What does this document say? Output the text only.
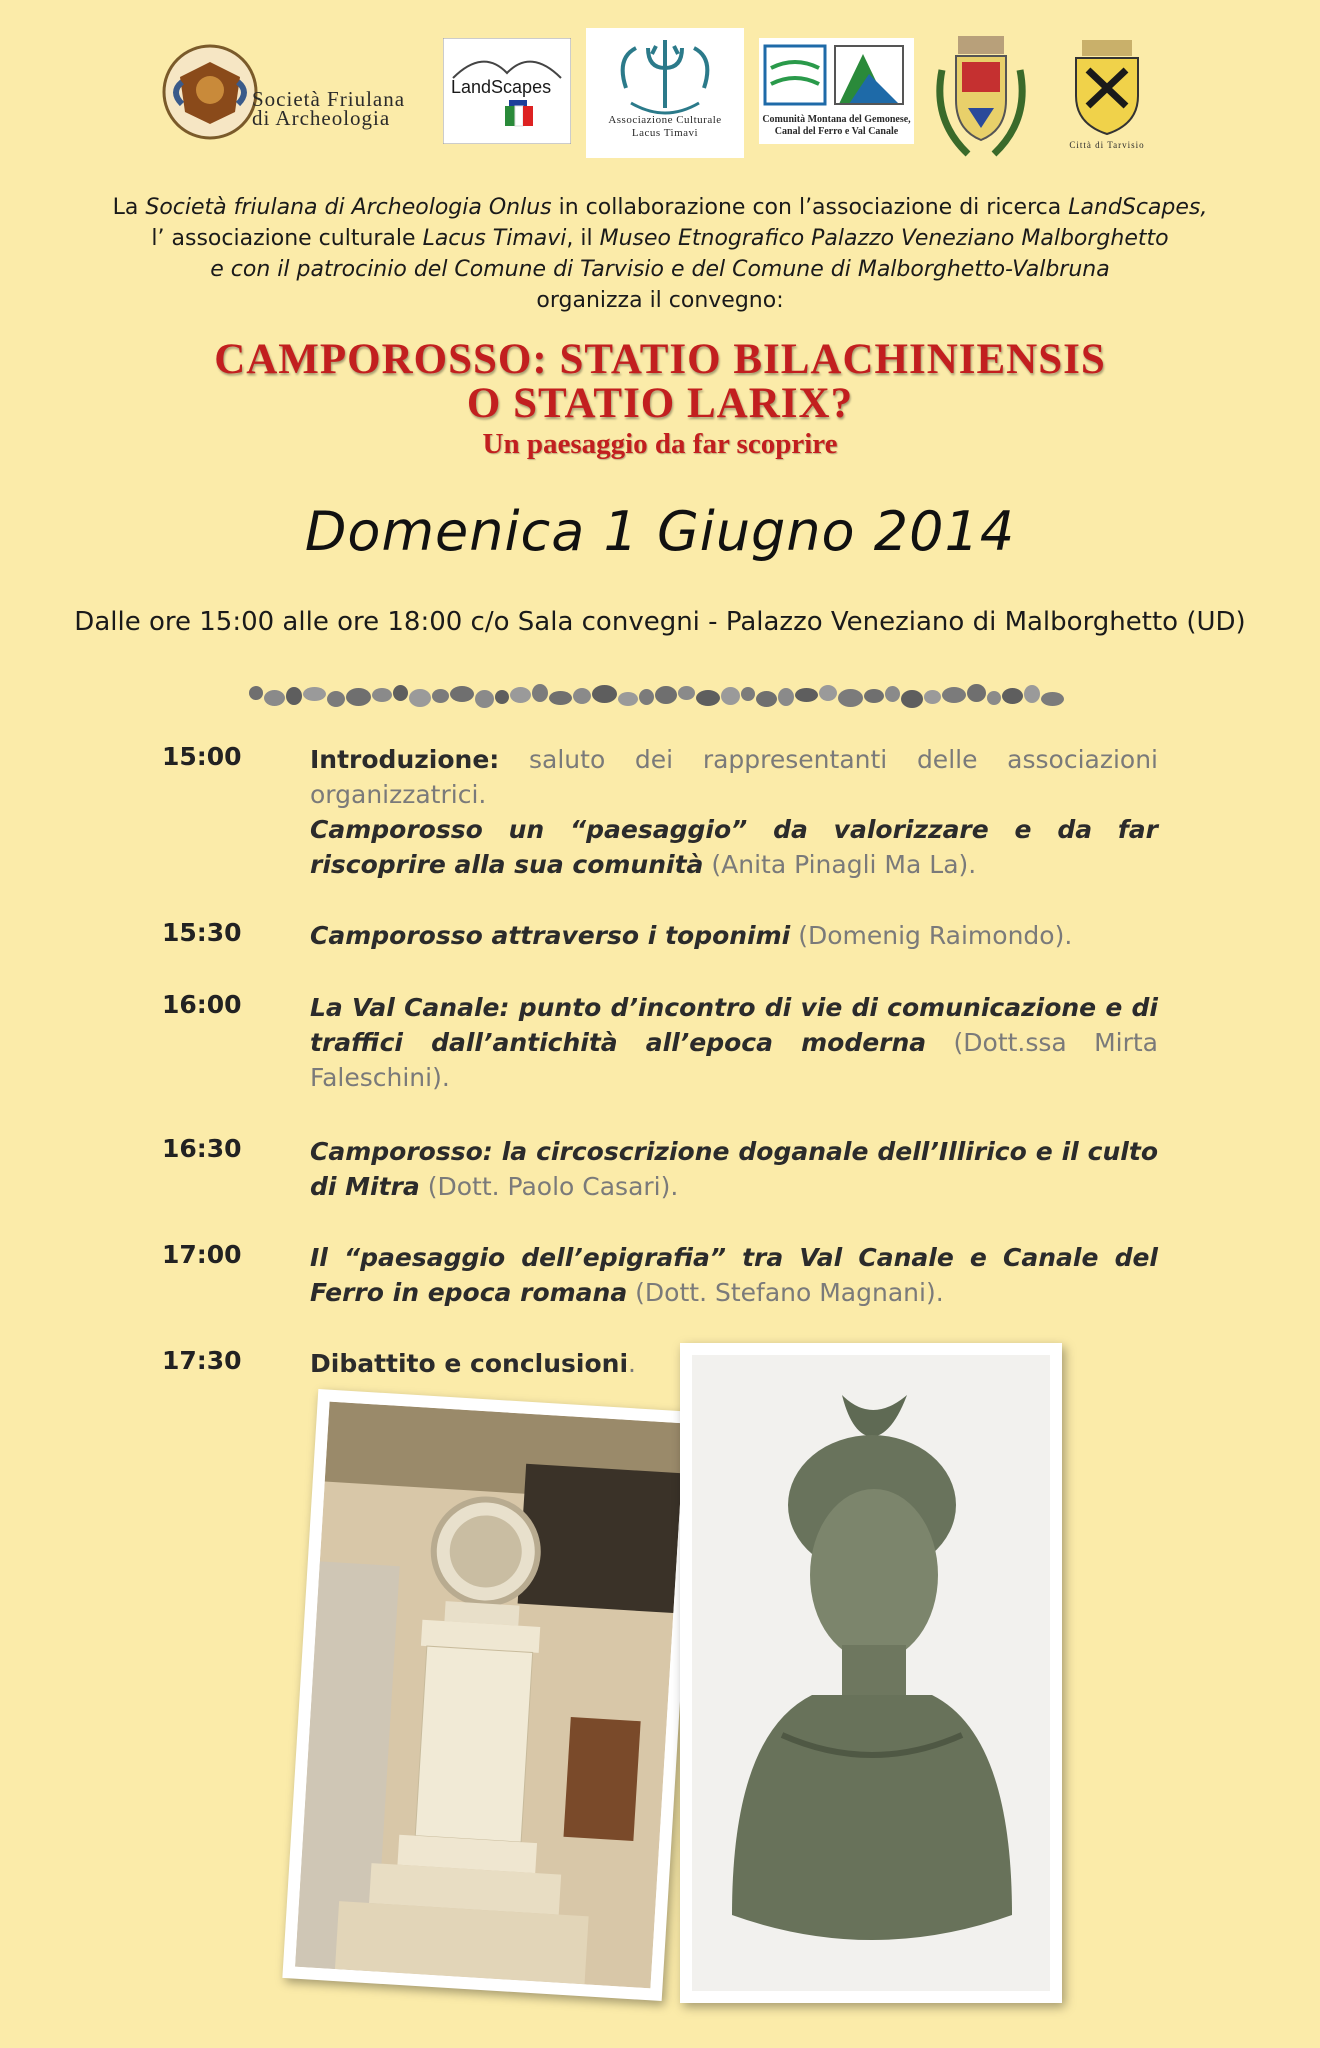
Società Friulana
di Archeologia
LandScapes
Associazione Culturale
Lacus Timavi
Comunità Montana del Gemonese,
Canal del Ferro e Val Canale
Città di Tarvisio
La Società friulana di Archeologia Onlus in collaborazione con l’associazione di ricerca LandScapes,
l’ associazione culturale Lacus Timavi, il Museo Etnografico Palazzo Veneziano Malborghetto
e con il patrocinio del Comune di Tarvisio e del Comune di Malborghetto-Valbruna
organizza il convegno:
CAMPOROSSO: STATIO BILACHINIENSIS
O STATIO LARIX?
Un paesaggio da far scoprire
Domenica 1 Giugno 2014
Dalle ore 15:00 alle ore 18:00 c/o Sala convegni - Palazzo Veneziano di Malborghetto (UD)
15:00	Introduzione: saluto dei rappresentanti delle associazioni organizzatrici.
Camporosso un “paesaggio” da valorizzare e da far riscoprire alla sua comunità (Anita Pinagli Ma La).
15:30	Camporosso attraverso i toponimi (Domenig Raimondo).
16:00	La Val Canale: punto d’incontro di vie di comunicazione e di traffici dall’antichità all’epoca moderna (Dott.ssa Mirta Faleschini).
16:30	Camporosso: la circoscrizione doganale dell’Illirico e il culto di Mitra (Dott. Paolo Casari).
17:00	Il “paesaggio dell’epigrafia” tra Val Canale e Canale del Ferro in epoca romana (Dott. Stefano Magnani).
17:30	Dibattito e conclusioni.
